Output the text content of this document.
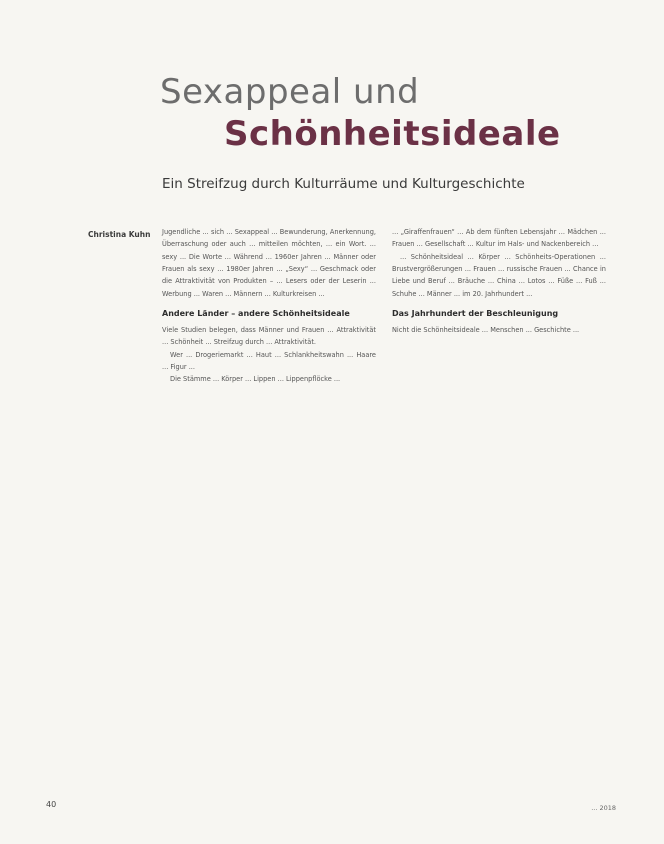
Sexappeal und
Schönheitsideale

Ein Streifzug durch Kulturräume und Kulturgeschichte

Christina Kuhn Jugendliche ... sich ... Sexappeal ... Bewunderung, Anerkennung, Überraschung oder auch ... mitteilen möchten, ... ein Wort. ... sexy ... Die Worte ... Während ... 1960er Jahren ... Männer oder Frauen als sexy ... 1980er Jahren ... „Sexy“ ... Geschmack oder die Attraktivität von Produkten – ... Lesers oder der Leserin ... Werbung ... Waren ... Männern ... Kulturkreisen ...

Andere Länder – andere Schönheitsideale

Viele Studien belegen, dass Männer und Frauen ... Attraktivität ... Schönheit ... Streifzug durch ... Attraktivität.

Wer ... Drogeriemarkt ... Haut ... Schlankheitswahn ... Haare ... Figur ...

Die Stämme ... Körper ... Lippen ... Lippenpflöcke ...

... „Giraffenfrauen“ ... Ab dem fünften Lebensjahr ... Mädchen ... Frauen ... Gesellschaft ... Kultur im Hals- und Nackenbereich ...

... Schönheitsideal ... Körper ... Schönheits-Operationen ... Brustvergrößerungen ... Frauen ... russische Frauen ... Chance in Liebe und Beruf ... Bräuche ... China ... Lotos ... Füße ... Fuß ... Schuhe ... Männer ... im 20. Jahrhundert ...

Das Jahrhundert der Beschleunigung

Nicht die Schönheitsideale ... Menschen ... Geschichte ...

40	... 2018
